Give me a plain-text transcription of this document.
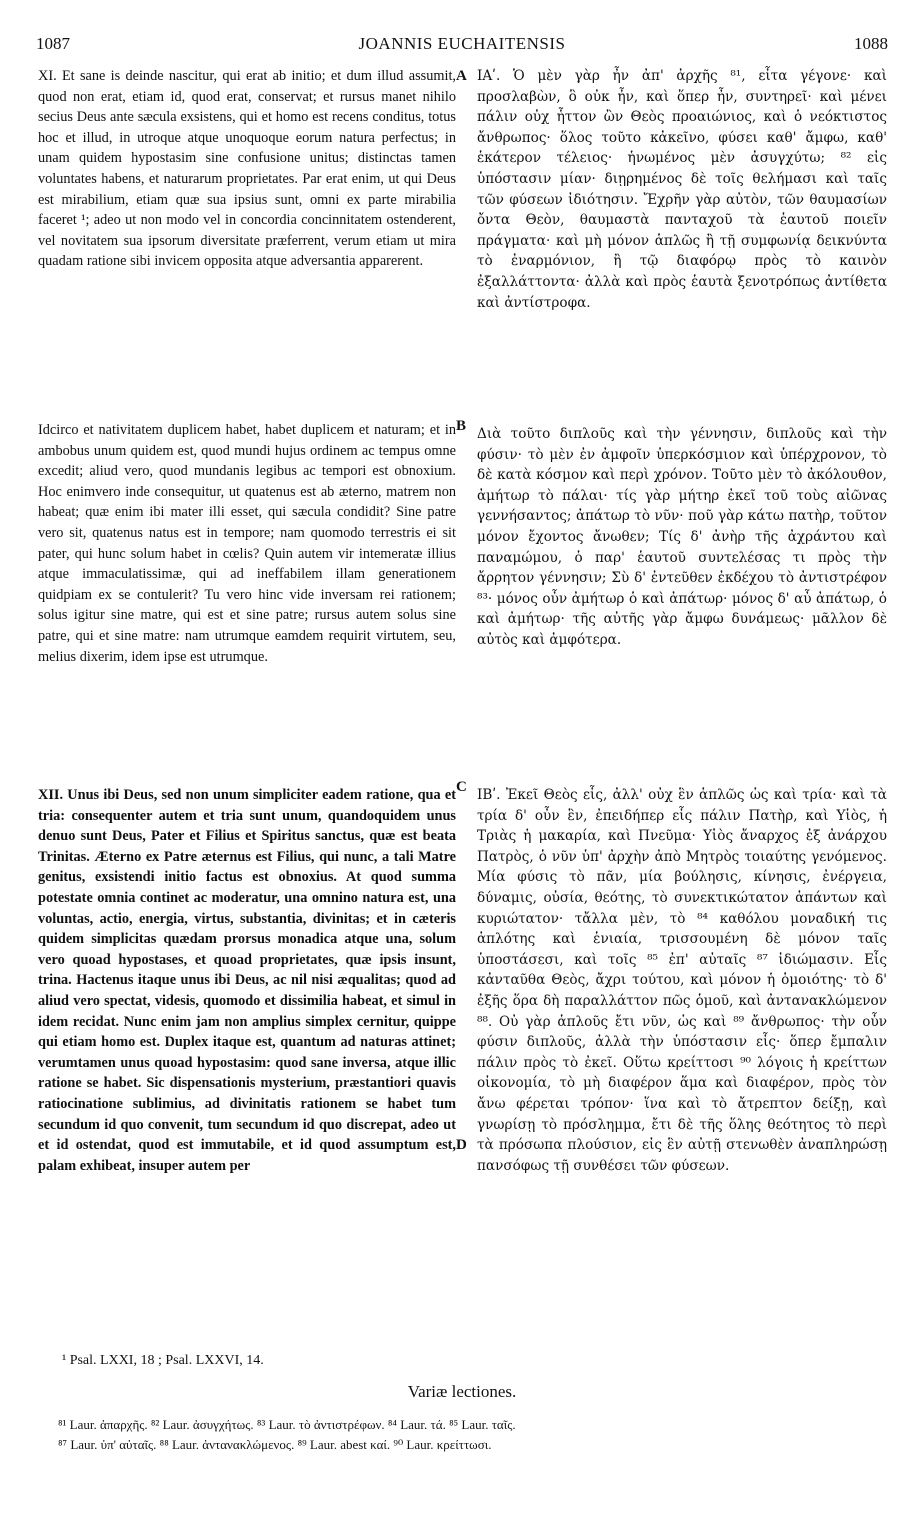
1087	JOANNIS EUCHAITENSIS	1088

XI. Et sane is deinde nascitur, qui erat ab initio; et dum illud assumit, quod non erat, etiam id, quod erat, conservat; et rursus manet nihilo secius Deus ante sæcula exsistens, qui et homo est recens conditus, totus hoc et illud, in utroque atque unoquoque eorum natura perfectus; in unam quidem hypostasim sine confusione unitus; distinctas tamen voluntates habens, et naturarum proprietates. Par erat enim, ut qui Deus est mirabilium, etiam quæ sua ipsius sunt, omni ex parte mirabilia faceret ¹; adeo ut non modo vel in concordia concinnitatem ostenderent, vel novitatem sua ipsorum diversitate præferrent, verum etiam ut mira quadam ratione sibi invicem opposita atque adversantia apparerent.

Idcirco et nativitatem duplicem habet, habet duplicem et naturam; et in ambobus unum quidem est, quod mundi hujus ordinem ac tempus omne excedit; aliud vero, quod mundanis legibus ac tempori est obnoxium. Hoc enimvero inde consequitur, ut quatenus est ab æterno, matrem non habeat; quæ enim ibi mater illi esset, qui sæcula condidit? Sine patre vero sit, quatenus natus est in tempore; nam quomodo terrestris ei sit pater, qui hunc solum habet in cœlis? Quin autem vir intemeratæ illius atque immaculatissimæ, qui ad ineffabilem illam generationem quidpiam ex se contulerit? Tu vero hinc vide inversam rei rationem; solus igitur sine matre, qui est et sine patre; rursus autem solus sine patre, qui et sine matre: nam utrumque eamdem requirit virtutem, seu, melius dixerim, idem ipse est utrumque.

XII. Unus ibi Deus, sed non unum simpliciter eadem ratione, qua et tria: consequenter autem et tria sunt unum, quandoquidem unus denuo sunt Deus, Pater et Filius et Spiritus sanctus, quæ est beata Trinitas. Æterno ex Patre æternus est Filius, qui nunc, a tali Matre genitus, exsistendi initio factus est obnoxius. At quod summa potestate omnia continet ac moderatur, una omnino natura est, una voluntas, actio, energia, virtus, substantia, divinitas; et in cæteris quidem simplicitas quædam prorsus monadica atque una, solum vero quoad hypostases, et quoad proprietates, quæ ipsis insunt, trina. Hactenus itaque unus ibi Deus, ac nil nisi æqualitas; quod ad aliud vero spectat, videsis, quomodo et dissimilia habeat, et simul in idem recidat. Nunc enim jam non amplius simplex cernitur, quippe qui etiam homo est. Duplex itaque est, quantum ad naturas attinet; verumtamen unus quoad hypostasim: quod sane inversa, atque illic ratione se habet. Sic dispensationis mysterium, præstantiori quavis ratiocinatione sublimius, ad divinitatis rationem se habet tum secundum id quo convenit, tum secundum id quo discrepat, adeo ut et id ostendat, quod est immutabile, et id quod assumptum est, palam exhibeat, insuper autem per

A
B
C
D

ΙΑʹ. Ὁ μὲν γὰρ ἦν ἀπ' ἀρχῆς ⁸¹, εἶτα γέγονε· καὶ προσλαβὼν, ὃ οὐκ ἦν, καὶ ὅπερ ἦν, συντηρεῖ· καὶ μένει πάλιν οὐχ ἧττον ὢν Θεὸς προαιώνιος, καὶ ὁ νεόκτιστος ἄνθρωπος· ὅλος τοῦτο κἀκεῖνο, φύσει καθ' ἄμφω, καθ' ἑκάτερον τέλειος· ἡνωμένος μὲν ἀσυγχύτω; ⁸² εἰς ὑπόστασιν μίαν· διῃρημένος δὲ τοῖς θελήμασι καὶ ταῖς τῶν φύσεων ἰδιότησιν. Ἔχρῆν γὰρ αὐτὸν, τῶν θαυμασίων ὄντα Θεὸν, θαυμαστὰ πανταχοῦ τὰ ἑαυτοῦ ποιεῖν πράγματα· καὶ μὴ μόνον ἁπλῶς ἢ τῇ συμφωνίᾳ δεικνύντα τὸ ἐναρμόνιον, ἢ τῷ διαφόρῳ πρὸς τὸ καινὸν ἐξαλλάττοντα· ἀλλὰ καὶ πρὸς ἑαυτὰ ξενοτρόπως ἀντίθετα καὶ ἀντίστροφα.

Διὰ τοῦτο διπλοῦς καὶ τὴν γέννησιν, διπλοῦς καὶ τὴν φύσιν· τὸ μὲν ἐν ἀμφοῖν ὑπερκόσμιον καὶ ὑπέρχρονον, τὸ δὲ κατὰ κόσμον καὶ περὶ χρόνον. Τοῦτο μὲν τὸ ἀκόλουθον, ἀμήτωρ τὸ πάλαι· τίς γὰρ μήτηρ ἐκεῖ τοῦ τοὺς αἰῶνας γεννήσαντος; ἀπάτωρ τὸ νῦν· ποῦ γὰρ κάτω πατὴρ, τοῦτον μόνον ἔχοντος ἄνωθεν; Τίς δ' ἀνὴρ τῆς ἀχράντου καὶ παναμώμου, ὁ παρ' ἑαυτοῦ συντελέσας τι πρὸς τὴν ἄρρητον γέννησιν; Σὺ δ' ἐντεῦθεν ἐκδέχου τὸ ἀντιστρέφον ⁸³· μόνος οὖν ἀμήτωρ ὁ καὶ ἀπάτωρ· μόνος δ' αὖ ἀπάτωρ, ὁ καὶ ἀμήτωρ· τῆς αὐτῆς γὰρ ἄμφω δυνάμεως· μᾶλλον δὲ αὐτὸς καὶ ἀμφότερα.

ΙΒʹ. Ἐκεῖ Θεὸς εἷς, ἀλλ' οὐχ ἓν ἁπλῶς ὡς καὶ τρία· καὶ τὰ τρία δ' οὖν ἓν, ἐπειδήπερ εἷς πάλιν Πατὴρ, καὶ Υἱὸς, ἡ Τριὰς ἡ μακαρία, καὶ Πνεῦμα· Υἱὸς ἄναρχος ἐξ ἀνάρχου Πατρὸς, ὁ νῦν ὑπ' ἀρχὴν ἀπὸ Μητρὸς τοιαύτης γενόμενος. Μία φύσις τὸ πᾶν, μία βούλησις, κίνησις, ἐνέργεια, δύναμις, οὐσία, θεότης, τὸ συνεκτικώτατον ἁπάντων καὶ κυριώτατον· τἄλλα μὲν, τὸ ⁸⁴ καθόλου μοναδική τις ἁπλότης καὶ ἑνιαία, τρισσουμένη δὲ μόνον ταῖς ὑποστάσεσι, καὶ τοῖς ⁸⁵ ἐπ' αὐταῖς ⁸⁷ ἰδιώμασιν. Εἷς κἀνταῦθα Θεὸς, ἄχρι τούτου, καὶ μόνον ἡ ὁμοιότης· τὸ δ' ἐξῆς ὅρα δὴ παραλλάττον πῶς ὁμοῦ, καὶ ἀντανακλώμενον ⁸⁸. Οὐ γὰρ ἁπλοῦς ἔτι νῦν, ὡς καὶ ⁸⁹ ἄνθρωπος· τὴν οὖν φύσιν διπλοῦς, ἀλλὰ τὴν ὑπόστασιν εἷς· ὅπερ ἔμπαλιν πάλιν πρὸς τὸ ἐκεῖ. Οὕτω κρείττοσι ⁹⁰ λόγοις ἡ κρείττων οἰκονομία, τὸ μὴ διαφέρον ἅμα καὶ διαφέρον, πρὸς τὸν ἄνω φέρεται τρόπον· ἵνα καὶ τὸ ἄτρεπτον δείξῃ, καὶ γνωρίσῃ τὸ πρόσλημμα, ἔτι δὲ τῆς ὅλης θεότητος τὸ περὶ τὰ πρόσωπα πλούσιον, εἰς ἓν αὐτῇ στενωθὲν ἀναπληρώσῃ πανσόφως τῇ συνθέσει τῶν φύσεων.

¹ Psal. LXXI, 18 ; Psal. LXXVI, 14.
Variæ lectiones.
⁸¹ Laur. ἀπαρχῆς. ⁸² Laur. ἀσυγχήτως. ⁸³ Laur. τὸ ἀντιστρέφων. ⁸⁴ Laur. τά. ⁸⁵ Laur. ταῖς.
⁸⁷ Laur. ὑπ' αὐταῖς. ⁸⁸ Laur. ἀντανακλώμενος. ⁸⁹ Laur. abest καί. ⁹⁰ Laur. κρείττωσι.
